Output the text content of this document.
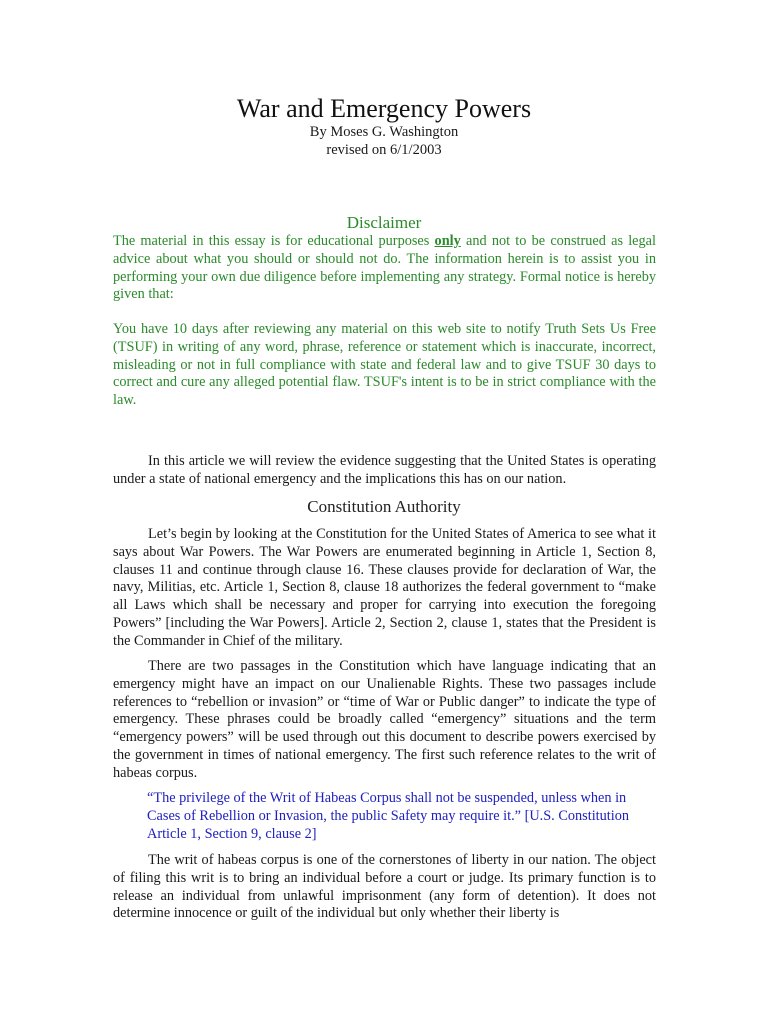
War and Emergency Powers
By Moses G. Washington
revised on 6/1/2003
Disclaimer

The material in this essay is for educational purposes only and not to be construed as legal advice about what you should or should not do. The information herein is to assist you in performing your own due diligence before implementing any strategy. Formal notice is hereby given that:

You have 10 days after reviewing any material on this web site to notify Truth Sets Us Free (TSUF) in writing of any word, phrase, reference or statement which is inaccurate, incorrect, misleading or not in full compliance with state and federal law and to give TSUF 30 days to correct and cure any alleged potential flaw. TSUF's intent is to be in strict compliance with the law.

In this article we will review the evidence suggesting that the United States is operating under a state of national emergency and the implications this has on our nation.

Constitution Authority

Let’s begin by looking at the Constitution for the United States of America to see what it says about War Powers. The War Powers are enumerated beginning in Article 1, Section 8, clauses 11 and continue through clause 16. These clauses provide for declaration of War, the navy, Militias, etc. Article 1, Section 8, clause 18 authorizes the federal government to “make all Laws which shall be necessary and proper for carrying into execution the foregoing Powers” [including the War Powers]. Article 2, Section 2, clause 1, states that the President is the Commander in Chief of the military.

There are two passages in the Constitution which have language indicating that an emergency might have an impact on our Unalienable Rights. These two passages include references to “rebellion or invasion” or “time of War or Public danger” to indicate the type of emergency. These phrases could be broadly called “emergency” situations and the term “emergency powers” will be used through out this document to describe powers exercised by the government in times of national emergency. The first such reference relates to the writ of habeas corpus.

“The privilege of the Writ of Habeas Corpus shall not be suspended, unless when in Cases of Rebellion or Invasion, the public Safety may require it.” [U.S. Constitution Article 1, Section 9, clause 2]

The writ of habeas corpus is one of the cornerstones of liberty in our nation. The object of filing this writ is to bring an individual before a court or judge. Its primary function is to release an individual from unlawful imprisonment (any form of detention). It does not determine innocence or guilt of the individual but only whether their liberty is
